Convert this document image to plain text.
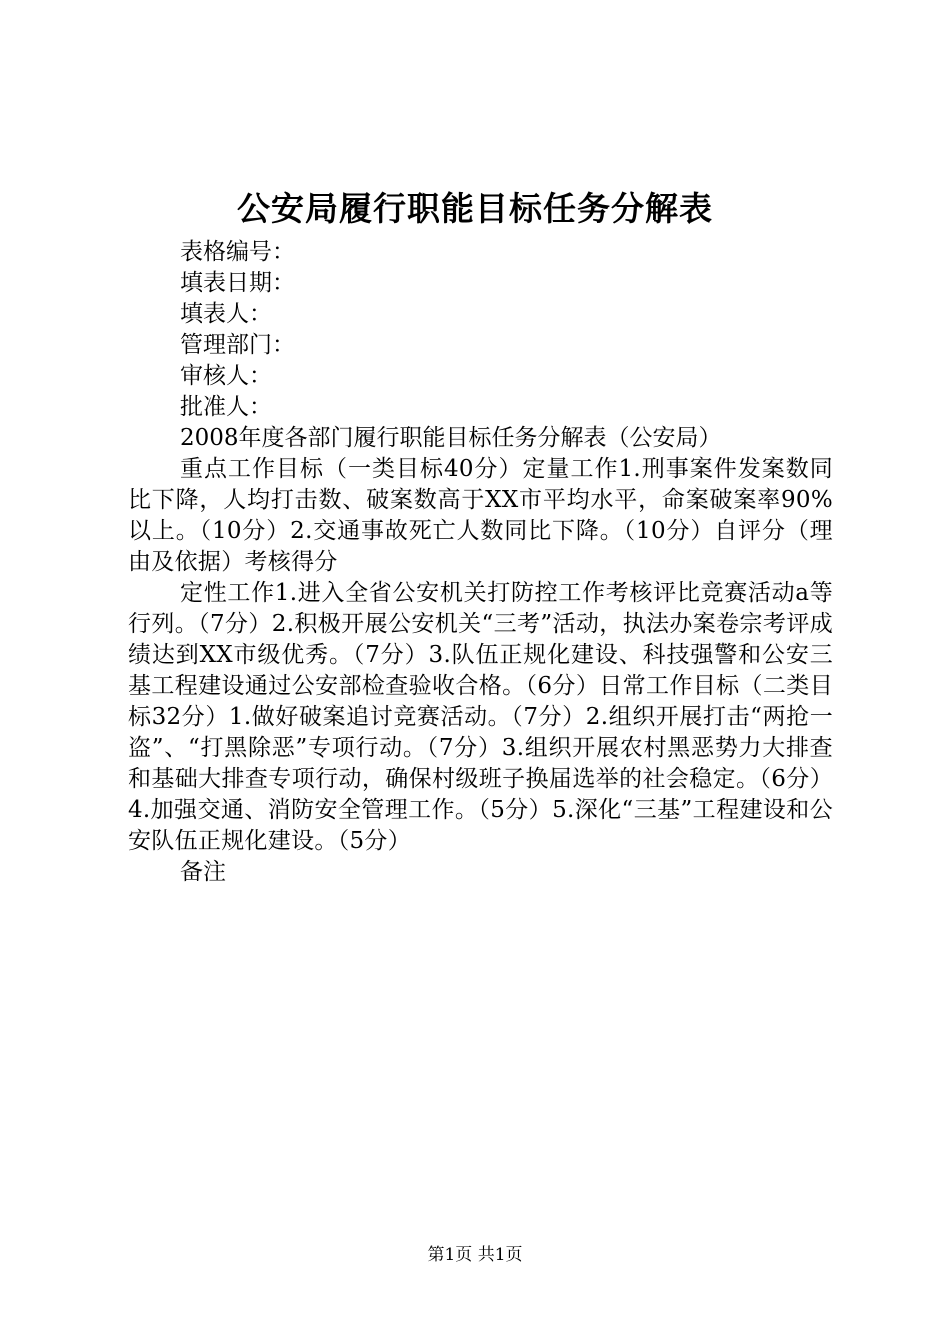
公安局履行职能目标任务分解表

表格编号：

填表日期：

填表人：

管理部门：

审核人：

批准人：

2008年度各部门履行职能目标任务分解表（公安局）

重点工作目标（一类目标40分）定量工作1.刑事案件发案数同比下降，人均打击数、破案数高于XX市平均水平，命案破案率90%以上。（10分）2.交通事故死亡人数同比下降。（10分）自评分（理由及依据）考核得分

定性工作1.进入全省公安机关打防控工作考核评比竞赛活动a等行列。（7分）2.积极开展公安机关“三考”活动，执法办案卷宗考评成绩达到XX市级优秀。（7分）3.队伍正规化建设、科技强警和公安三基工程建设通过公安部检查验收合格。（6分）日常工作目标（二类目标32分）1.做好破案追讨竞赛活动。（7分）2.组织开展打击“两抢一盗”、“打黑除恶”专项行动。（7分）3.组织开展农村黑恶势力大排查和基础大排查专项行动，确保村级班子换届选举的社会稳定。（6分）4.加强交通、消防安全管理工作。（5分）5.深化“三基”工程建设和公安队伍正规化建设。（5分）

备注

第1页 共1页
